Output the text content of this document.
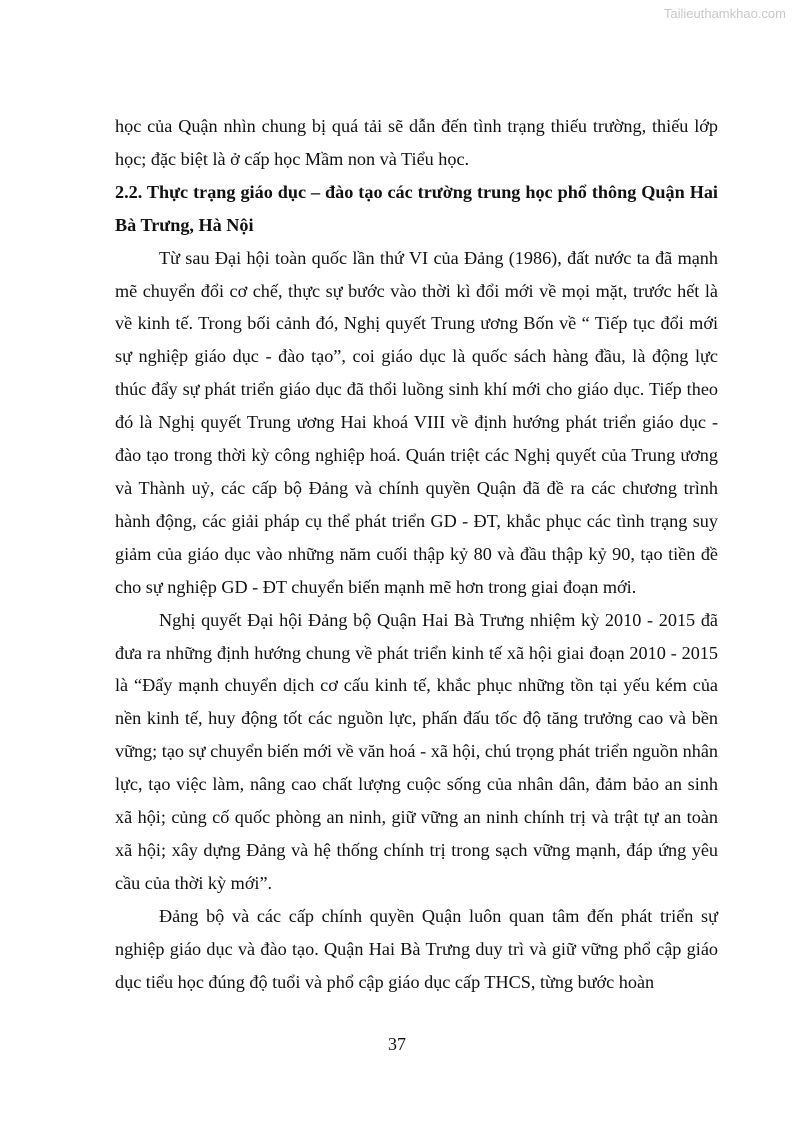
Tailieuthamkhao.com

học của Quận nhìn chung bị quá tải sẽ dẫn đến tình trạng thiếu trường, thiếu lớp học; đặc biệt là ở cấp học Mầm non và Tiểu học.

2.2. Thực trạng giáo dục – đào tạo các trường trung học phổ thông Quận Hai Bà Trưng, Hà Nội

Từ sau Đại hội toàn quốc lần thứ VI của Đảng (1986), đất nước ta đã mạnh mẽ chuyển đổi cơ chế, thực sự bước vào thời kì đổi mới về mọi mặt, trước hết là về kinh tế. Trong bối cảnh đó, Nghị quyết Trung ương Bốn về “ Tiếp tục đổi mới sự nghiệp giáo dục - đào tạo”, coi giáo dục là quốc sách hàng đầu, là động lực thúc đẩy sự phát triển giáo dục đã thổi luồng sinh khí mới cho giáo dục. Tiếp theo đó là Nghị quyết Trung ương Hai khoá VIII về định hướng phát triển giáo dục - đào tạo trong thời kỳ công nghiệp hoá. Quán triệt các Nghị quyết của Trung ương và Thành uỷ, các cấp bộ Đảng và chính quyền Quận đã đề ra các chương trình hành động, các giải pháp cụ thể phát triển GD - ĐT, khắc phục các tình trạng suy giảm của giáo dục vào những năm cuối thập kỷ 80 và đầu thập kỷ 90, tạo tiền đề cho sự nghiệp GD - ĐT chuyển biến mạnh mẽ hơn trong giai đoạn mới.

Nghị quyết Đại hội Đảng bộ Quận Hai Bà Trưng nhiệm kỳ 2010 - 2015 đã đưa ra những định hướng chung về phát triển kinh tế xã hội giai đoạn 2010 - 2015 là “Đẩy mạnh chuyển dịch cơ cấu kinh tế, khắc phục những tồn tại yếu kém của nền kinh tế, huy động tốt các nguồn lực, phấn đấu tốc độ tăng trưởng cao và bền vững; tạo sự chuyển biến mới về văn hoá - xã hội, chú trọng phát triển nguồn nhân lực, tạo việc làm, nâng cao chất lượng cuộc sống của nhân dân, đảm bảo an sinh xã hội; củng cố quốc phòng an ninh, giữ vững an ninh chính trị và trật tự an toàn xã hội; xây dựng Đảng và hệ thống chính trị trong sạch vững mạnh, đáp ứng yêu cầu của thời kỳ mới”.

Đảng bộ và các cấp chính quyền Quận luôn quan tâm đến phát triển sự nghiệp giáo dục và đào tạo. Quận Hai Bà Trưng duy trì và giữ vững phổ cập giáo dục tiểu học đúng độ tuổi và phổ cập giáo dục cấp THCS, từng bước hoàn

37
